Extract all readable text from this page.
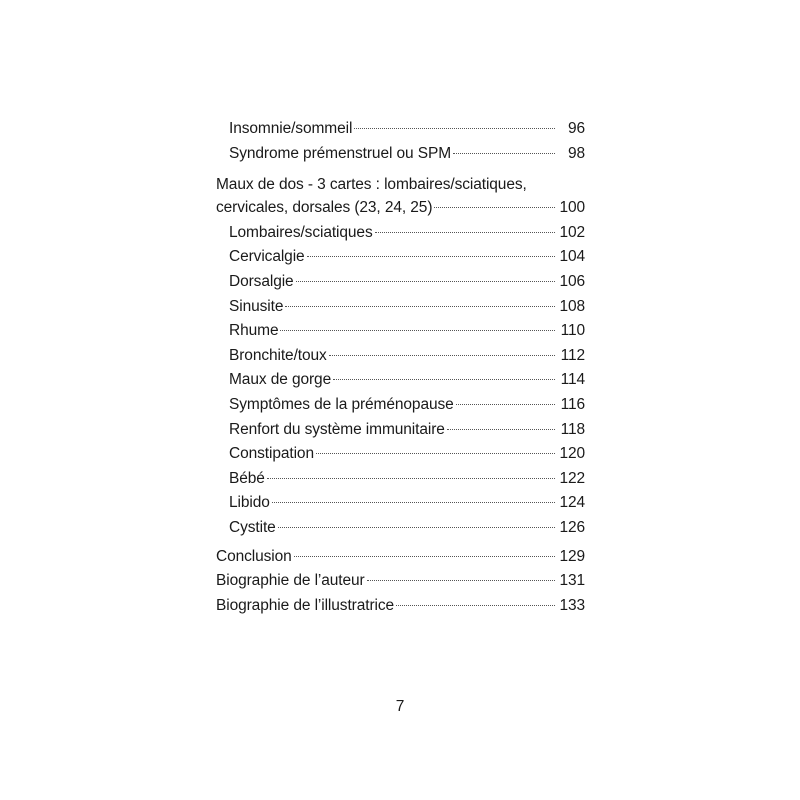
Insomnie/sommeil	96
Syndrome prémenstruel ou SPM	98
Maux de dos - 3 cartes : lombaires/sciatiques,
cervicales, dorsales (23, 24, 25)	100
Lombaires/sciatiques	102
Cervicalgie	104
Dorsalgie	106
Sinusite	108
Rhume	110
Bronchite/toux	112
Maux de gorge	114
Symptômes de la préménopause	116
Renfort du système immunitaire	118
Constipation	120
Bébé	122
Libido	124
Cystite	126
Conclusion	129
Biographie de l’auteur	131
Biographie de l’illustratrice	133
7
